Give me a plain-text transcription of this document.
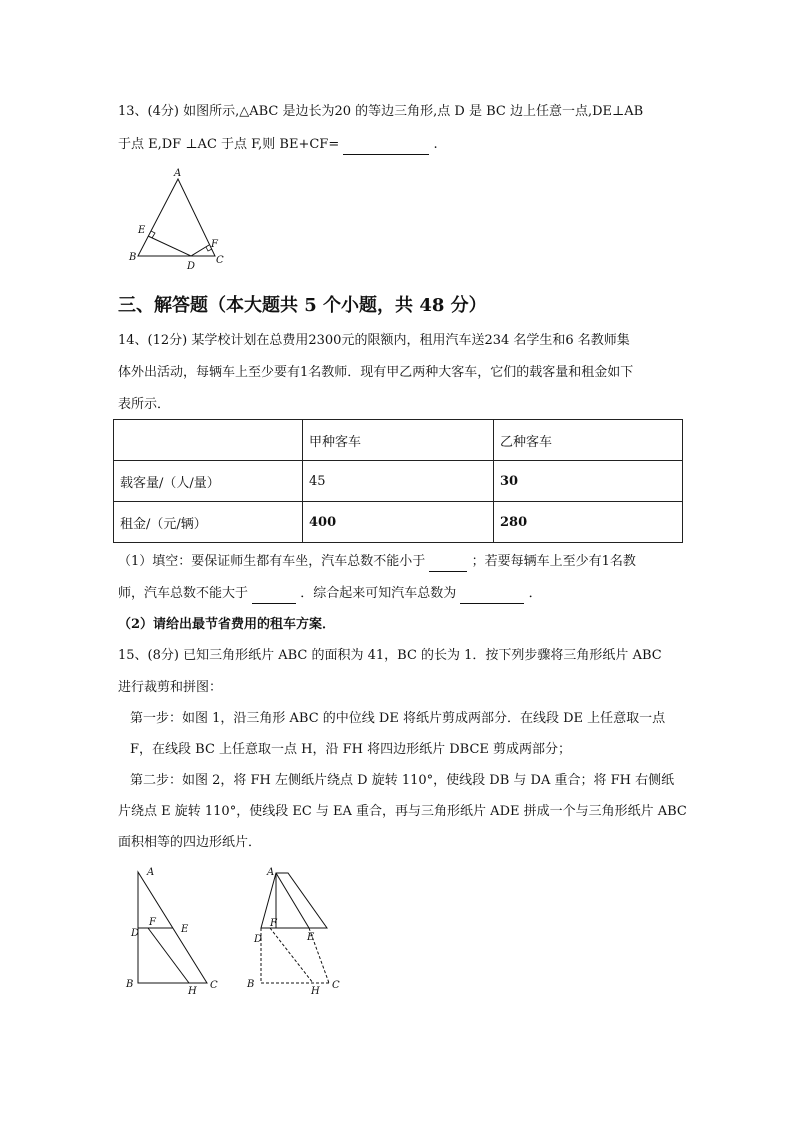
13、(4分) 如图所示,△ABC 是边长为20 的等边三角形,点 D 是 BC 边上任意一点,DE⊥AB
于点 E,DF ⊥AC 于点 F,则 BE+CF=	.
A
B	C
D
E
F
三、解答题（本大题共 5 个小题，共 48 分）
14、(12分) 某学校计划在总费用2300元的限额内，租用汽车送234 名学生和6 名教师集
体外出活动，每辆车上至少要有1名教师．现有甲乙两种大客车，它们的载客量和租金如下
表所示．
	甲种客车	乙种客车
载客量/（人/量）	45	30
租金/（元/辆）	400	280
（1）填空：要保证师生都有车坐，汽车总数不能小于	；若要每辆车上至少有1名教
师，汽车总数不能大于	．综合起来可知汽车总数为	．
（2）请给出最节省费用的租车方案．
15、(8分) 已知三角形纸片 ABC 的面积为 41，BC 的长为 1．按下列步骤将三角形纸片 ABC
进行裁剪和拼图：
第一步：如图 1，沿三角形 ABC 的中位线 DE 将纸片剪成两部分．在线段 DE 上任意取一点
F，在线段 BC 上任意取一点 H，沿 FH 将四边形纸片 DBCE 剪成两部分；
第二步：如图 2，将 FH 左侧纸片绕点 D 旋转 110°，使线段 DB 与 DA 重合；将 FH 右侧纸
片绕点 E 旋转 110°，使线段 EC 与 EA 重合，再与三角形纸片 ADE 拼成一个与三角形纸片 ABC
面积相等的四边形纸片．
A
D
F
E
B
H
C
A
D
F
E
B
H
C
